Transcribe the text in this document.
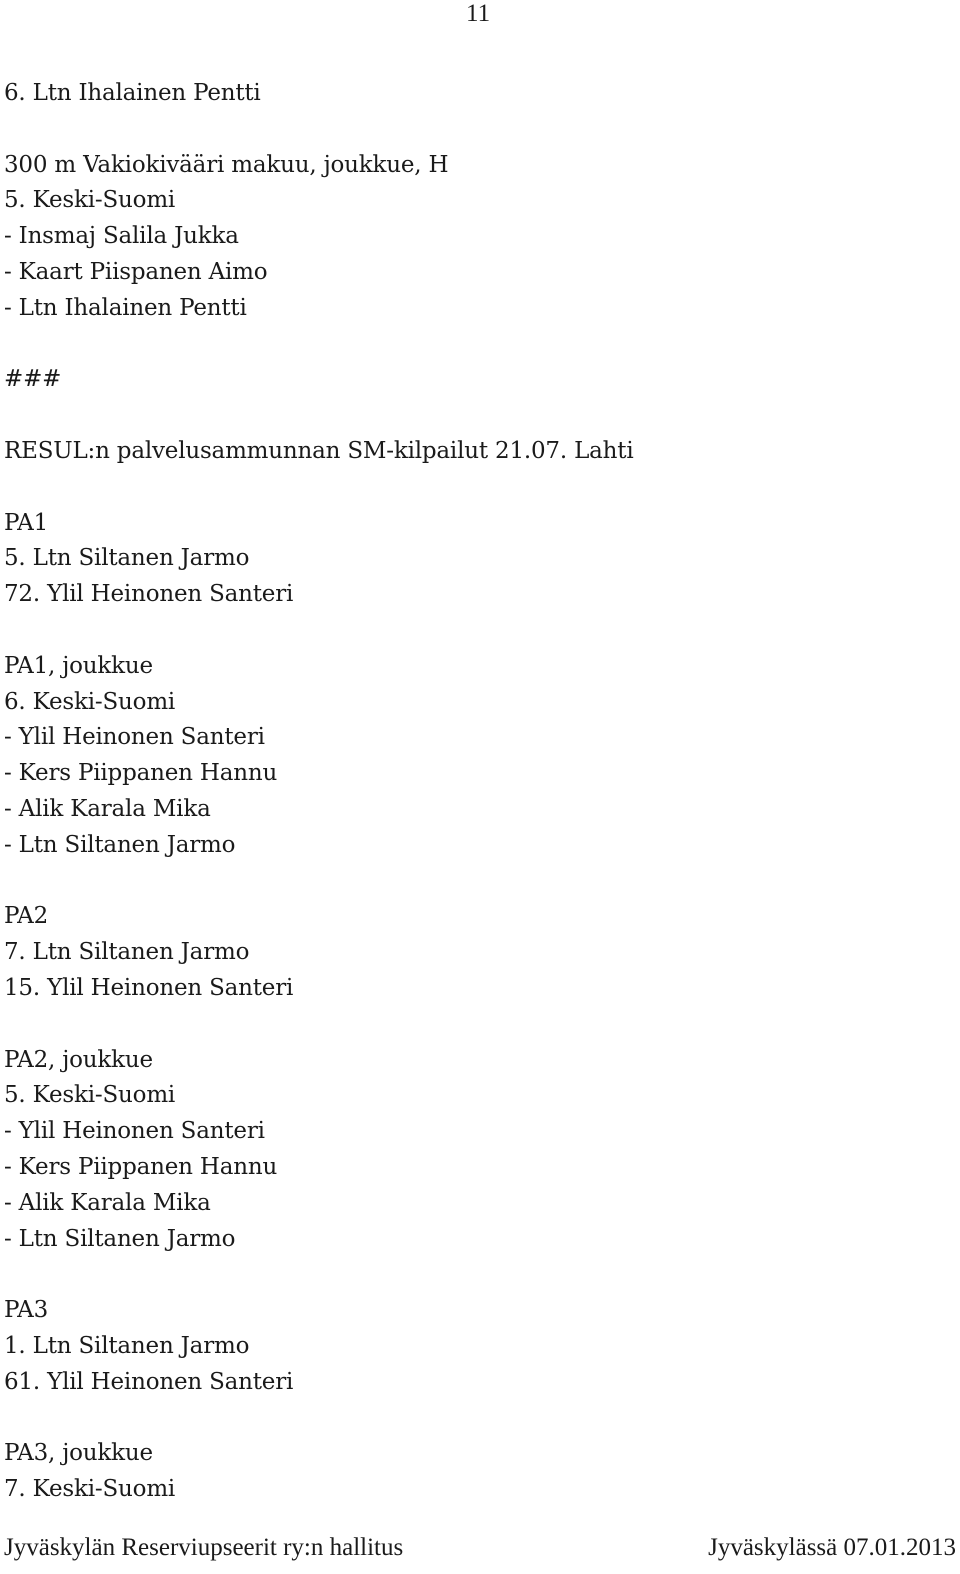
11
6. Ltn Ihalainen Pentti
300 m Vakiokivääri makuu, joukkue, H
5. Keski-Suomi
- Insmaj Salila Jukka
- Kaart Piispanen Aimo
- Ltn Ihalainen Pentti
###
RESUL:n palvelusammunnan SM-kilpailut 21.07. Lahti
PA1
5. Ltn Siltanen Jarmo
72. Ylil Heinonen Santeri
PA1, joukkue
6. Keski-Suomi
- Ylil Heinonen Santeri
- Kers Piippanen Hannu
- Alik Karala Mika
- Ltn Siltanen Jarmo
PA2
7. Ltn Siltanen Jarmo
15. Ylil Heinonen Santeri
PA2, joukkue
5. Keski-Suomi
- Ylil Heinonen Santeri
- Kers Piippanen Hannu
- Alik Karala Mika
- Ltn Siltanen Jarmo
PA3
1. Ltn Siltanen Jarmo
61. Ylil Heinonen Santeri
PA3, joukkue
7. Keski-Suomi
Jyväskylän Reserviupseerit ry:n hallitus	Jyväskylässä 07.01.2013
